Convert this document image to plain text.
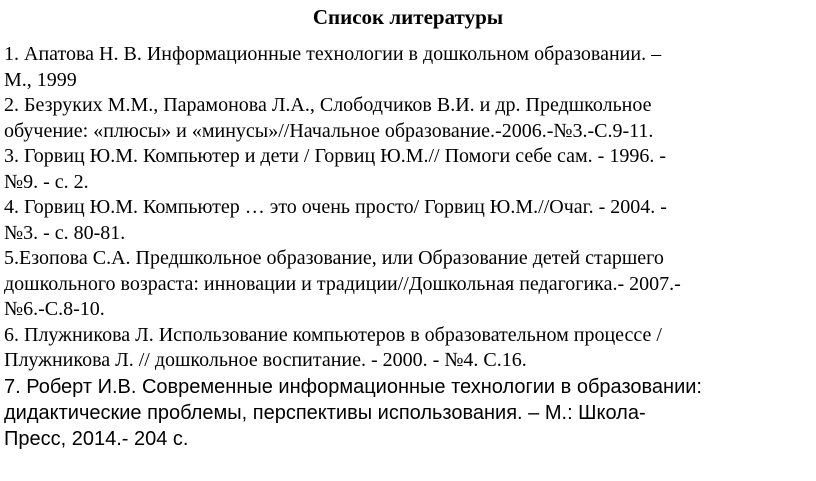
Список литературы
1. Апатова Н. В. Информационные технологии в дошкольном образовании. –
М., 1999
2. Безруких М.М., Парамонова Л.А., Слободчиков В.И. и др. Предшкольное
обучение: «плюсы» и «минусы»//Начальное образование.-2006.-№3.-С.9-11.
3. Горвиц Ю.М. Компьютер и дети / Горвиц Ю.М.// Помоги себе сам. - 1996. -
№9. - с. 2.
4. Горвиц Ю.М. Компьютер … это очень просто/ Горвиц Ю.М.//Очаг. - 2004. -
№3. - с. 80-81.
5.Езопова С.А. Предшкольное образование, или Образование детей старшего
дошкольного возраста: инновации и традиции//Дошкольная педагогика.- 2007.-
№6.-С.8-10.
6. Плужникова Л. Использование компьютеров в образовательном процессе /
Плужникова Л. // дошкольное воспитание. - 2000. - №4. С.16.
7. Роберт И.В. Современные информационные технологии в образовании:
дидактические проблемы, перспективы использования. – М.: Школа-
Пресс, 2014.- 204 с.
